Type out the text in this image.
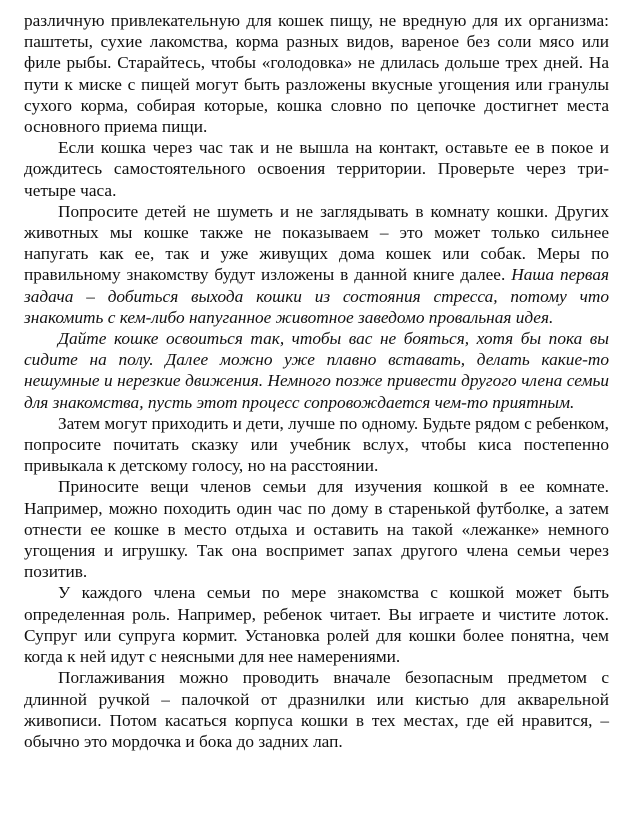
различную привлекательную для кошек пищу, не вредную для их организма: паштеты, сухие лакомства, корма разных видов, вареное без соли мясо или филе рыбы. Старайтесь, чтобы «голодовка» не длилась дольше трех дней. На пути к миске с пищей могут быть разложены вкусные угощения или гранулы сухого корма, собирая которые, кошка словно по цепочке достигнет места основного приема пищи.

Если кошка через час так и не вышла на контакт, оставьте ее в покое и дождитесь самостоятельного освоения территории. Проверьте через тричетыре часа.

Попросите детей не шуметь и не заглядывать в комнату кошки. Других животных мы кошке также не показываем – это может только сильнее напугать как ее, так и уже живущих дома кошек или собак. Меры по правильному знакомству будут изложены в данной книге далее. Наша первая задача – добиться выхода кошки из состояния стресса, потому что знакомить с кем-либо напуганное животное заведомо провальная идея.

Дайте кошке освоиться так, чтобы вас не бояться, хотя бы пока вы сидите на полу. Далее можно уже плавно вставать, делать какие-то нешумные и нерезкие движения. Немного позже привести другого члена семьи для знакомства, пусть этот процесс сопровождается чем-то приятным.

Затем могут приходить и дети, лучше по одному. Будьте рядом с ребенком, попросите почитать сказку или учебник вслух, чтобы киса постепенно привыкала к детскому голосу, но на расстоянии.

Приносите вещи членов семьи для изучения кошкой в ее комнате. Например, можно походить один час по дому в старенькой футболке, а затем отнести ее кошке в место отдыха и оставить на такой «лежанке» немного угощения и игрушку. Так она воспримет запах другого члена семьи через позитив.

У каждого члена семьи по мере знакомства с кошкой может быть определенная роль. Например, ребенок читает. Вы играете и чистите лоток. Супруг или супруга кормит. Установка ролей для кошки более понятна, чем когда к ней идут с неясными для нее намерениями.

Поглаживания можно проводить вначале безопасным предметом с длинной ручкой – палочкой от дразнилки или кистью для акварельной живописи. Потом касаться корпуса кошки в тех местах, где ей нравится, – обычно это мордочка и бока до задних лап.
